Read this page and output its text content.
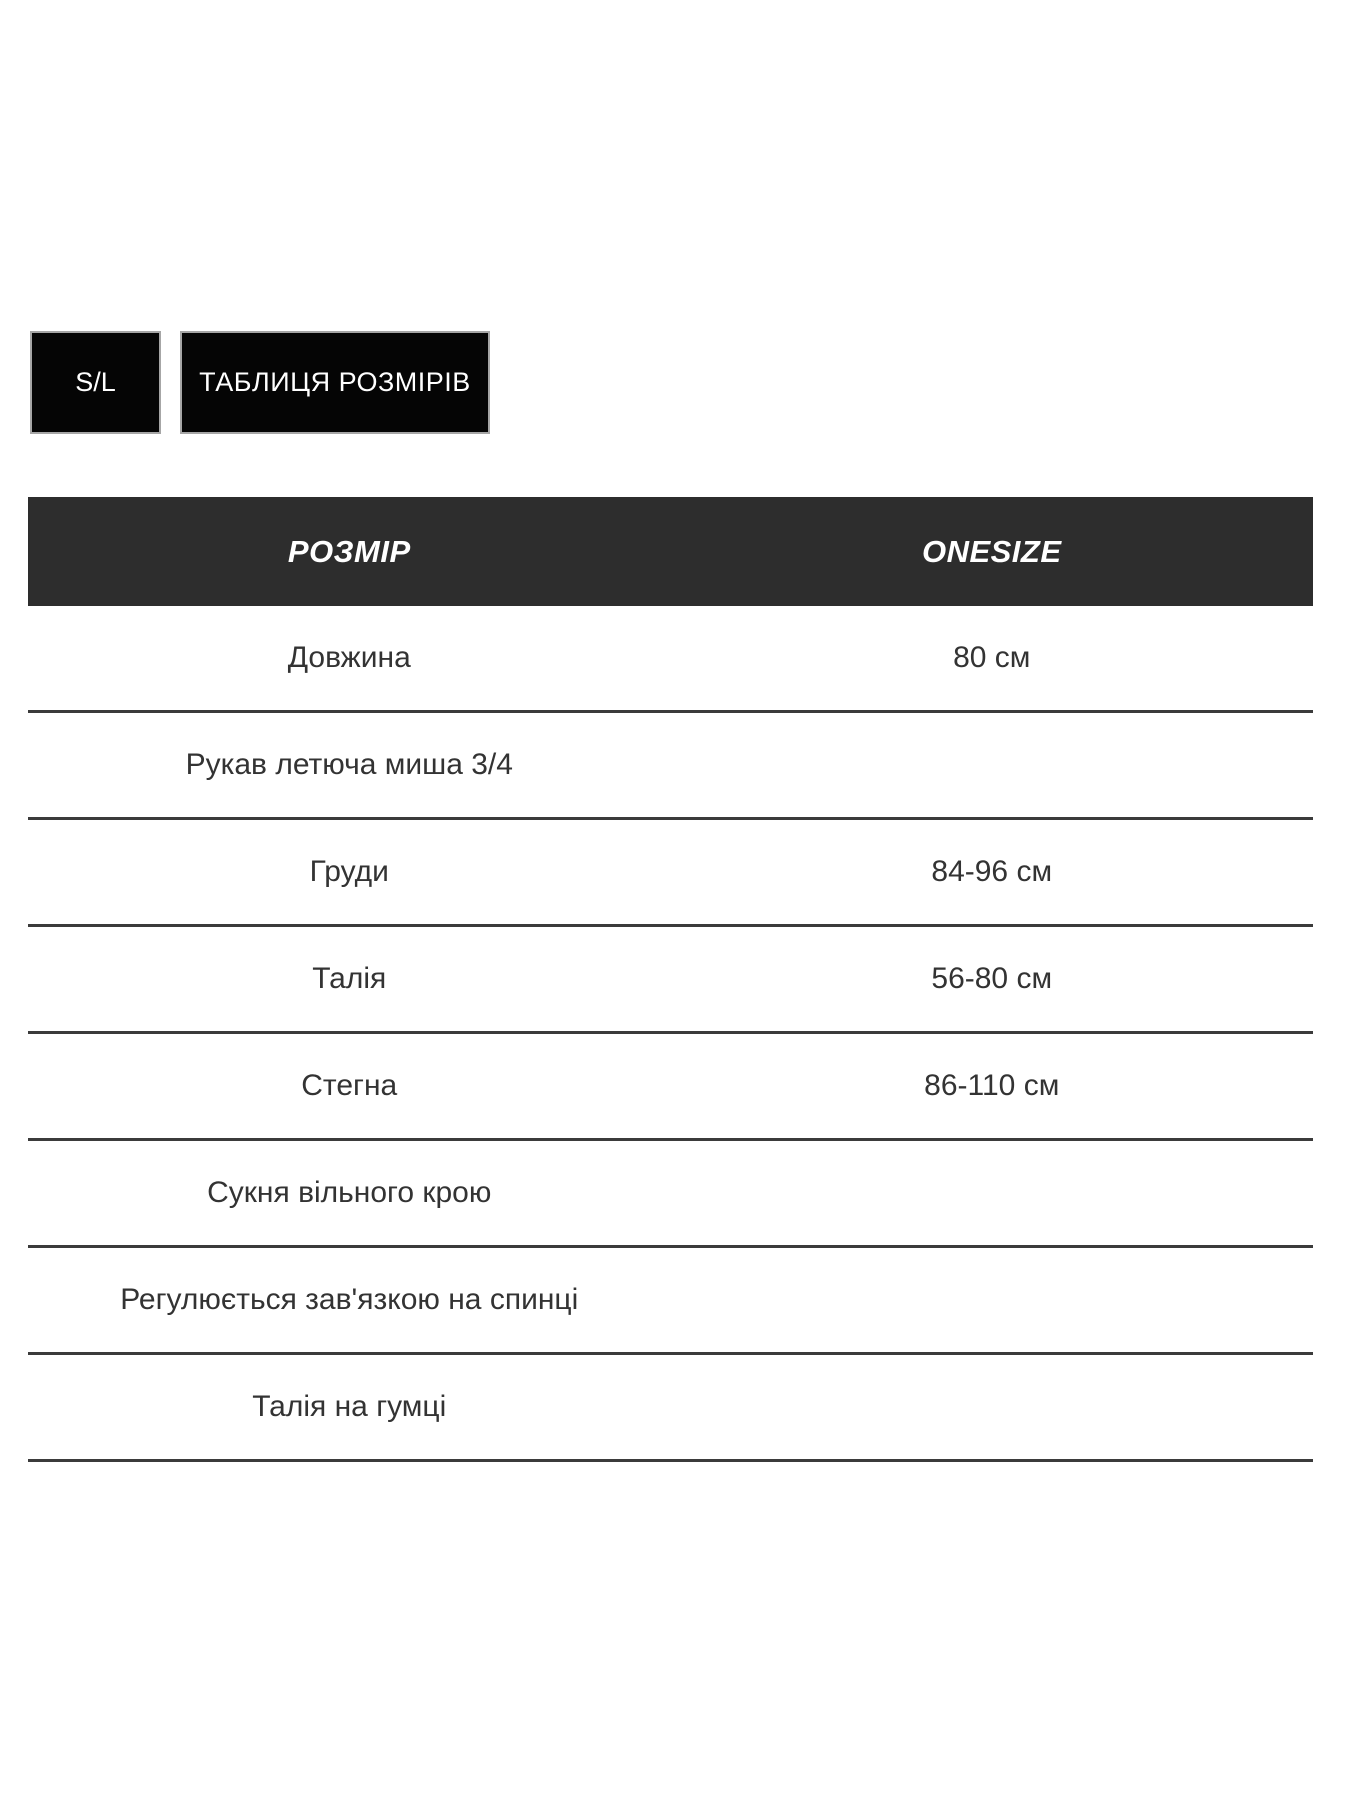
S/L	ТАБЛИЦЯ РОЗМІРІВ
РОЗМІР	ONESIZE
Довжина	80 см
Рукав летюча миша 3/4
Груди	84-96 см
Талія	56-80 см
Стегна	86-110 см
Сукня вільного крою
Регулюється зав'язкою на спинці
Талія на гумці
